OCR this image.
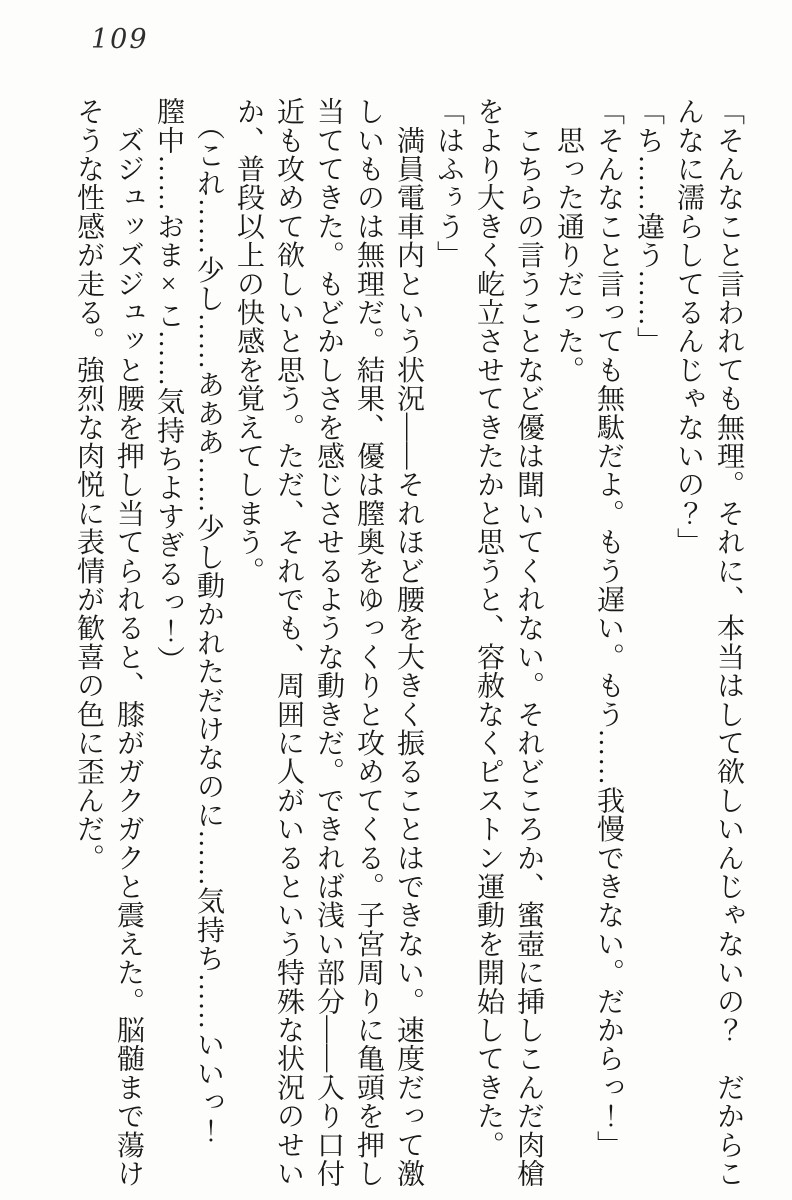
109

「そんなこと言われても無理。それに、本当はして欲しいんじゃないの？　だからこんなに濡らしてるんじゃないの？」

「ち……違う……」

「そんなこと言っても無駄だよ。もう遅い。もう……我慢できない。だからっ！」

　思った通りだった。

　こちらの言うことなど優は聞いてくれない。それどころか、蜜壺に挿しこんだ肉槍をより大きく屹立させてきたかと思うと、容赦なくピストン運動を開始してきた。

「はふぅう」

　満員電車内という状況――それほど腰を大きく振ることはできない。速度だって激しいものは無理だ。結果、優は膣奥をゆっくりと攻めてくる。子宮周りに亀頭を押し当ててきた。もどかしさを感じさせるような動きだ。できれば浅い部分――入り口付近も攻めて欲しいと思う。ただ、それでも、周囲に人がいるという特殊な状況のせいか、普段以上の快感を覚えてしまう。

　（これ……少し……あああ……少し動かれただけなのに……気持ち……いいっ！　膣中……おま×こ……気持ちよすぎるっ！）

　ズジュッズジュッと腰を押し当てられると、膝がガクガクと震えた。脳髄まで蕩けそうな性感が走る。強烈な肉悦に表情が歓喜の色に歪んだ。
